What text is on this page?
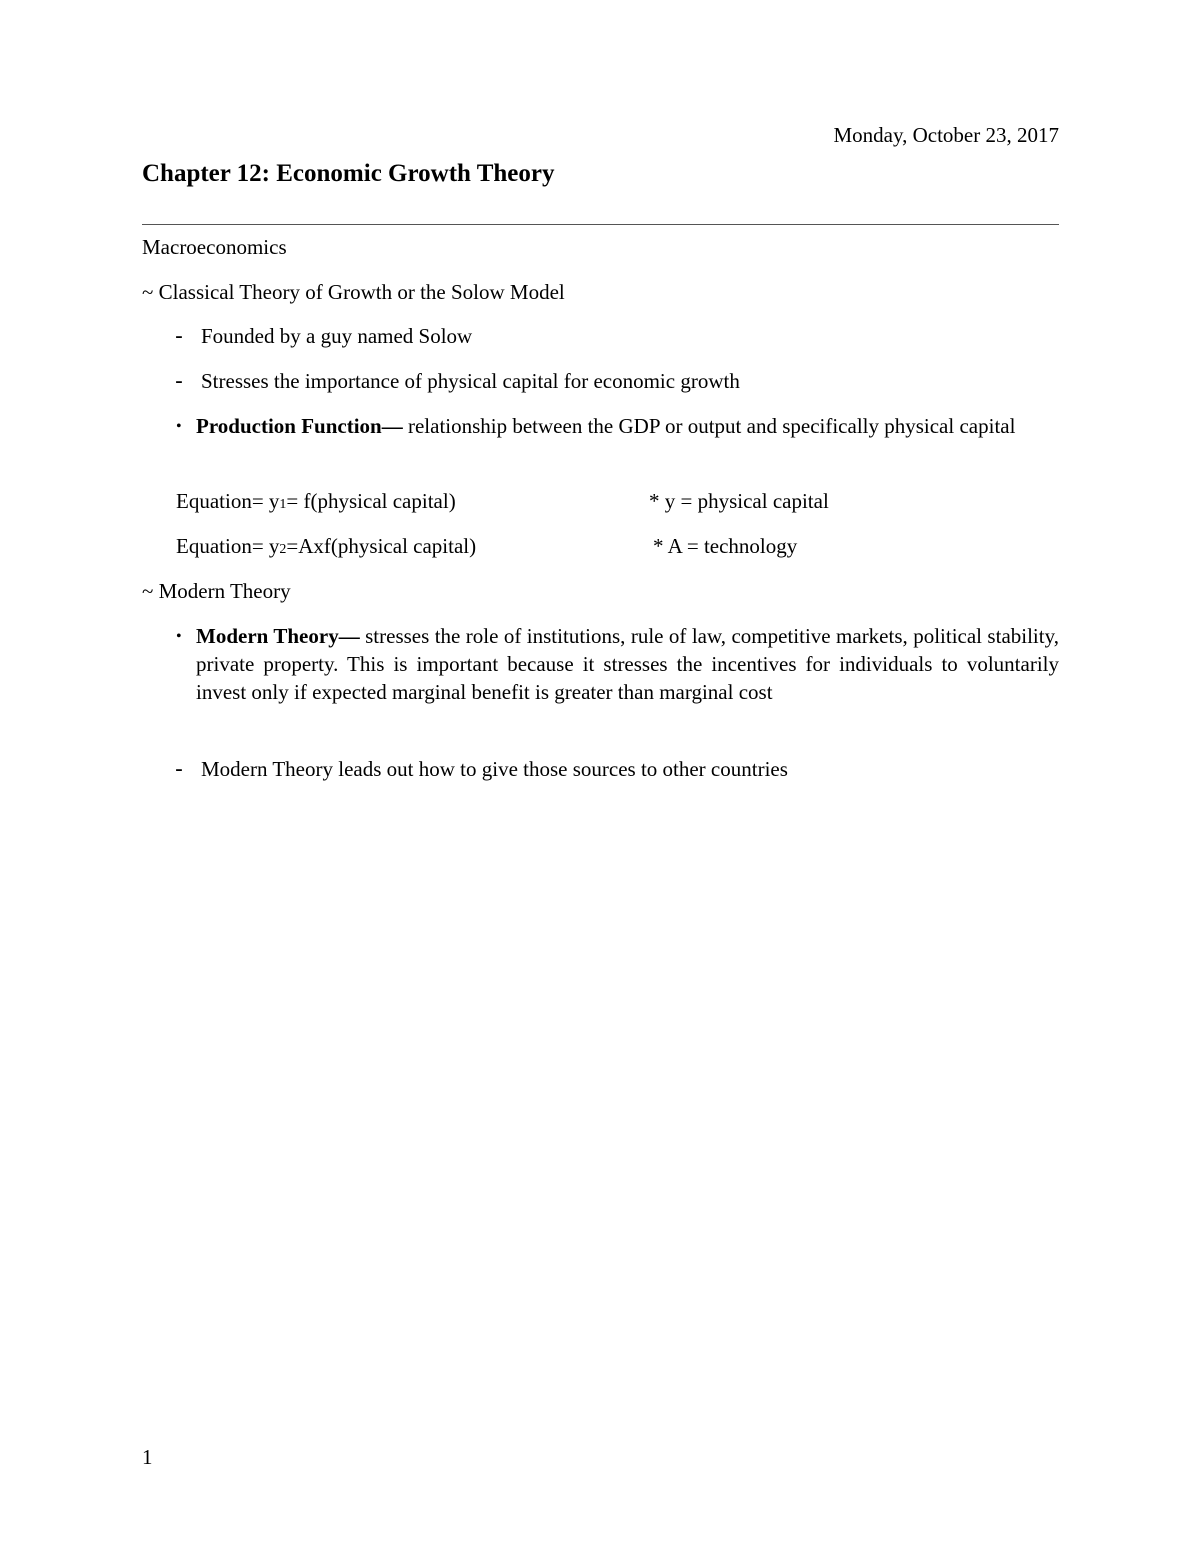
Monday, October 23, 2017
Chapter 12: Economic Growth Theory
Macroeconomics
~ Classical Theory of Growth or the Solow Model
- Founded by a guy named Solow
- Stresses the importance of physical capital for economic growth
• Production Function— relationship between the GDP or output and specifically physical capital
Equation= y1= f(physical capital)	* y = physical capital
Equation= y2=Axf(physical capital)	* A = technology
~ Modern Theory
• Modern Theory— stresses the role of institutions, rule of law, competitive markets, political stability, private property. This is important because it stresses the incentives for individuals to voluntarily invest only if expected marginal benefit is greater than marginal cost
- Modern Theory leads out how to give those sources to other countries
1
